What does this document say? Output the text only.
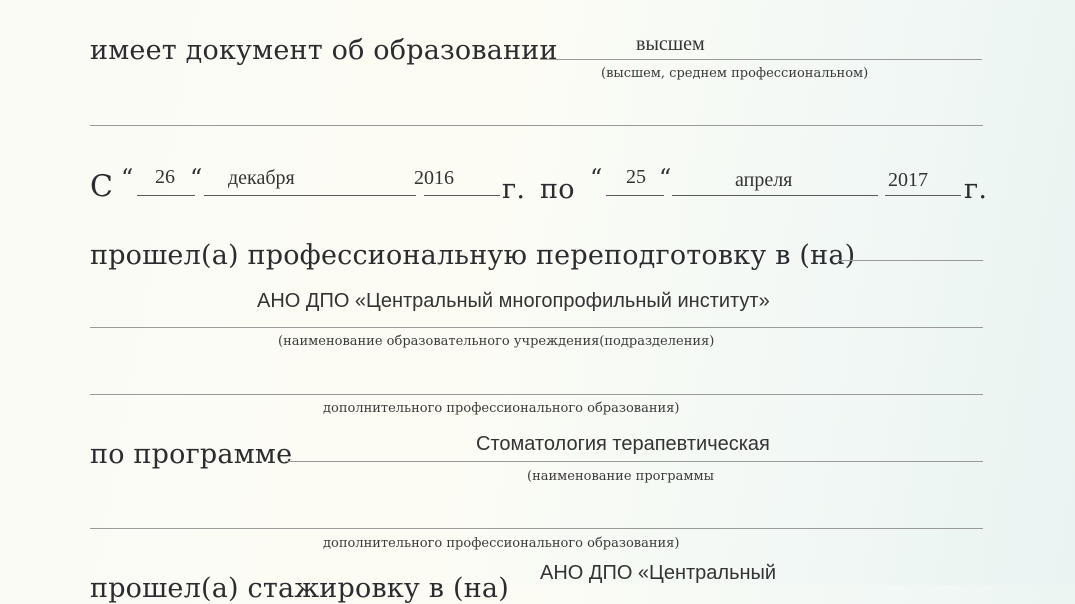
имеет документ об образовании	высшем
(высшем, среднем профессиональном)
С “ 26 “ декабря	2016 г. по “ 25 “	апреля	2017 г.
прошел(а) профессиональную переподготовку в (на)
АНО ДПО «Центральный многопрофильный институт»
(наименование образовательного учреждения(подразделения)
дополнительного профессионального образования)
по программе	Стоматология терапевтическая
(наименование программы
дополнительного профессионального образования)
прошел(а) стажировку в (на) АНО ДПО «Центральный
